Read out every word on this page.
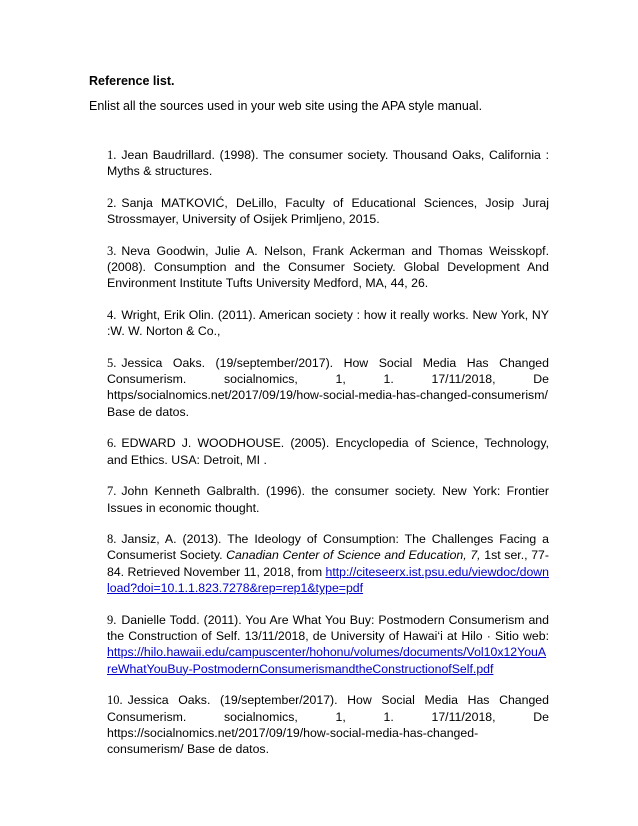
Reference list.
Enlist all the sources used in your web site using the APA style manual.

1. Jean Baudrillard. (1998). The consumer society. Thousand Oaks, California : Myths & structures.

2. Sanja MATKOVIĆ, DeLillo, Faculty of Educational Sciences, Josip Juraj Strossmayer, University of Osijek Primljeno, 2015.

3. Neva Goodwin, Julie A. Nelson, Frank Ackerman and Thomas Weisskopf. (2008). Consumption and the Consumer Society. Global Development And Environment Institute Tufts University Medford, MA, 44, 26.

4. Wright, Erik Olin. (2011). American society : how it really works. New York, NY :W. W. Norton & Co.,

5. Jessica Oaks. (19/september/2017). How Social Media Has Changed Consumerism. socialnomics, 1, 1. 17/11/2018, De https/socialnomics.net/2017/09/19/how-social-media-has-changed-consumerism/ Base de datos.

6. EDWARD J. WOODHOUSE. (2005). Encyclopedia of Science, Technology, and Ethics. USA: Detroit, MI .

7. John Kenneth Galbralth. (1996). the consumer society. New York: Frontier Issues in economic thought.

8. Jansiz, A. (2013). The Ideology of Consumption: The Challenges Facing a Consumerist Society. Canadian Center of Science and Education, 7, 1st ser., 77-84. Retrieved November 11, 2018, from http://citeseerx.ist.psu.edu/viewdoc/download?doi=10.1.1.823.7278&rep=rep1&type=pdf

9. Danielle Todd. (2011). You Are What You Buy: Postmodern Consumerism and the Construction of Self. 13/11/2018, de University of Hawai‘i at Hilo · Sitio web: https://hilo.hawaii.edu/campuscenter/hohonu/volumes/documents/Vol10x12YouAreWhatYouBuy-PostmodernConsumerismandtheConstructionofSelf.pdf

10. Jessica Oaks. (19/september/2017). How Social Media Has Changed Consumerism. socialnomics, 1, 1. 17/11/2018, De https://socialnomics.net/2017/09/19/how-social-media-has-changed-consumerism/ Base de datos.
